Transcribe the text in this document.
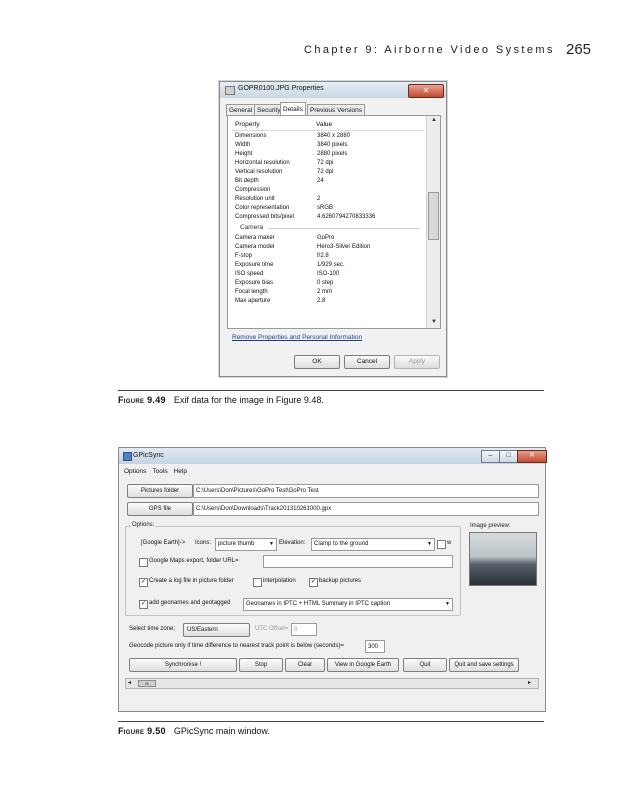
Chapter 9: Airborne Video Systems 265
GOPR0100.JPG Properties	✕
General Security Details	Previous Versions
Property	Value
Dimensions	3840 x 2880
Width	3840 pixels
Height	2880 pixels
Horizontal resolution	72 dpi
Vertical resolution	72 dpi
Bit depth	24
Compression
Resolution unit	2
Color representation	sRGB
Compressed bits/pixel	4.6260794270833336
Camera
Camera maker	GoPro
Camera model	Hero3-Silver Edition
F-stop	f/2.8
Exposure time	1/929 sec.
ISO speed	ISO-100
Exposure bias	0 step
Focal length	2 mm
Max aperture	2.8
▲
▼
Remove Properties and Personal Information
OK	Cancel	Apply
Figure 9.49 Exif data for the image in Figure 9.48.
GPicSync	–	□	✕
Options Tools Help
Pictures folder	C:\Users\Don\Pictures\GoPro Test\GoPro Test
GPS file	C:\Users\Don\Downloads\Track201310261000.gpx
Options:
[Google Earth]-> Icons:	picture thumb	▼ Elevation:	Clamp to the ground	▼	w
Google Maps export, folder URL=
✓ Create a log file in picture folder	interpolation	✓ backup pictures
✓ add geonames and geotagged	Geonames in IPTC + HTML Summary in IPTC caption	▼
Image preview:
Select time zone:	US/Eastern	UTC Offset= 0
Geocode picture only if time difference to nearest track point is below (seconds)=	300
Synchronise !	Stop	Clear	View in Google Earth	Quit	Quit and save settings
◂	III	▸
Figure 9.50 GPicSync main window.
